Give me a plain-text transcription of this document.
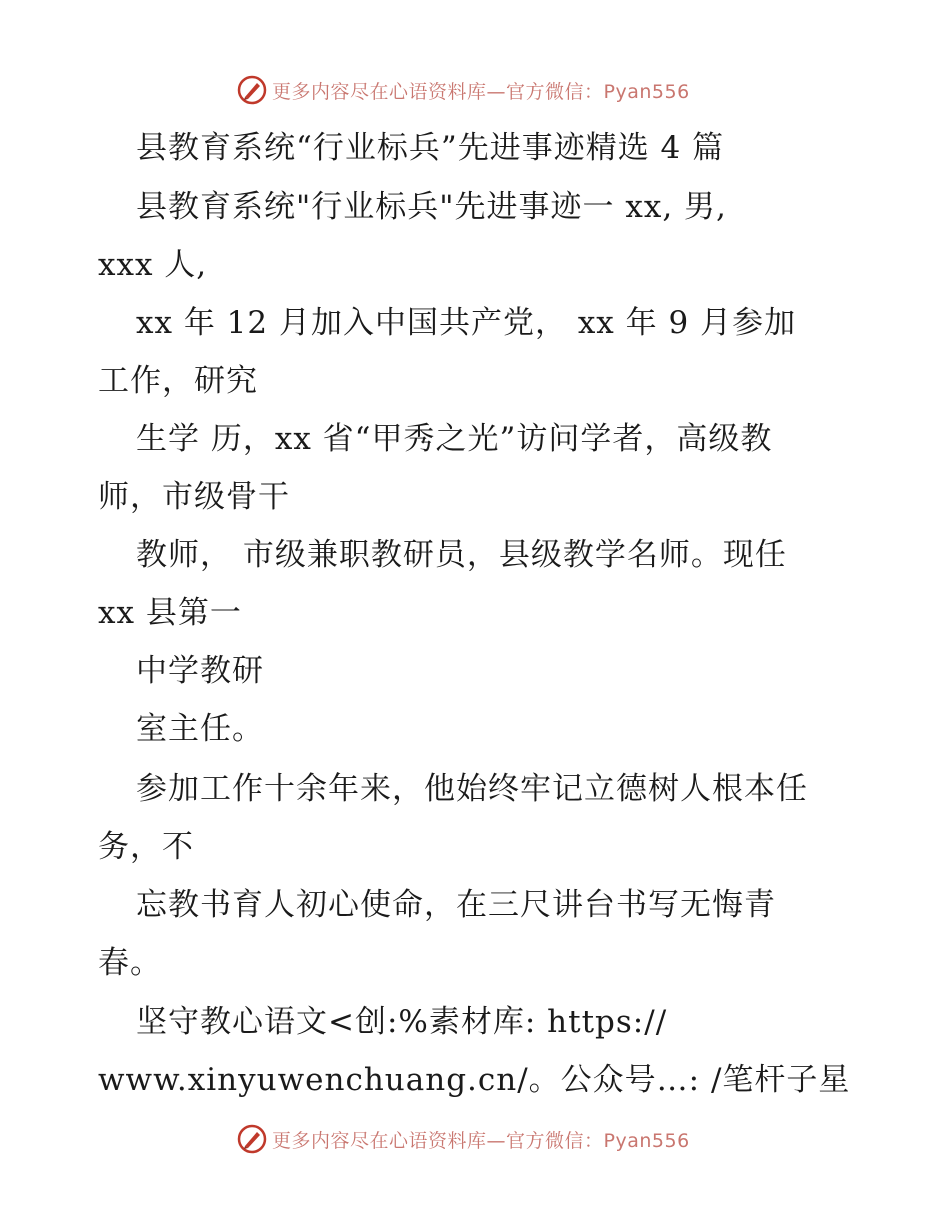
更多内容尽在心语资料库—官方微信：Pyan556
县教育系统“行业标兵”先进事迹精选 4 篇
县教育系统"行业标兵"先进事迹一 xx, 男,
xxx 人,
xx 年 12 月加入中国共产党， xx 年 9 月参加
工作，研究
生学 历，xx 省“甲秀之光”访问学者，高级教
师，市级骨干
教师， 市级兼职教研员，县级教学名师。现任
xx 县第一
中学教研
室主任。
参加工作十余年来，他始终牢记立德树人根本任
务，不
忘教书育人初心使命，在三尺讲台书写无悔青
春。
坚守教心语文<创:%素材库: https://
www.xinyuwenchuang.cn/。公众号…: /笔杆子星
更多内容尽在心语资料库—官方微信：Pyan556
